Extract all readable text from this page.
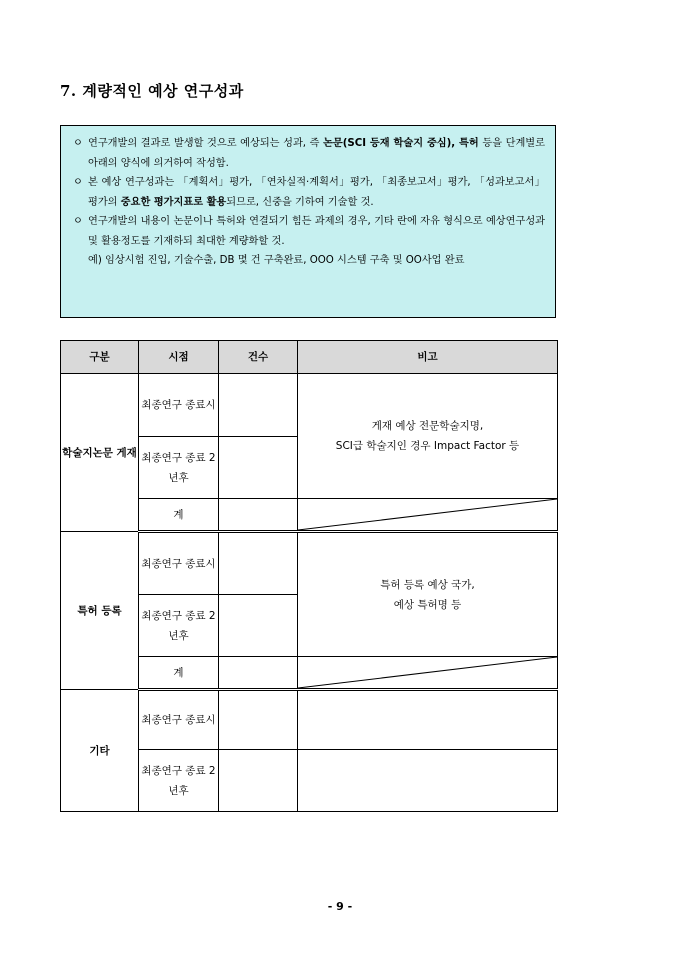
7. 계량적인 예상 연구성과
ㅇ 연구개발의 결과로 발생할 것으로 예상되는 성과, 즉 논문(SCI 등재 학술지 중심), 특허 등을 단계별로 아래의 양식에 의거하여 작성함.
ㅇ 본 예상 연구성과는 「계획서」평가, 「연차실적·계획서」평가, 「최종보고서」평가, 「성과보고서」평가의 중요한 평가지표로 활용되므로, 신중을 기하여 기술할 것.
ㅇ 연구개발의 내용이 논문이나 특허와 연결되기 힘든 과제의 경우, 기타 란에 자유 형식으로 예상연구성과 및 활용정도를 기재하되 최대한 계량화할 것.
예) 임상시험 진입, 기술수출, DB 몇 건 구축완료, OOO 시스템 구축 및 OO사업 완료
구분	시점	건수	비고
학술지논문 게재	최종연구 종료시		게재 예상 전문학술지명,
SCI급 학술지인 경우 Impact Factor 등
	최종연구 종료 2년후		
	계		

특허 등록	최종연구 종료시		특허 등록 예상 국가,
예상 특허명 등
	최종연구 종료 2년후		
	계		

기타	최종연구 종료시		
	최종연구 종료 2년후		
- 9 -
